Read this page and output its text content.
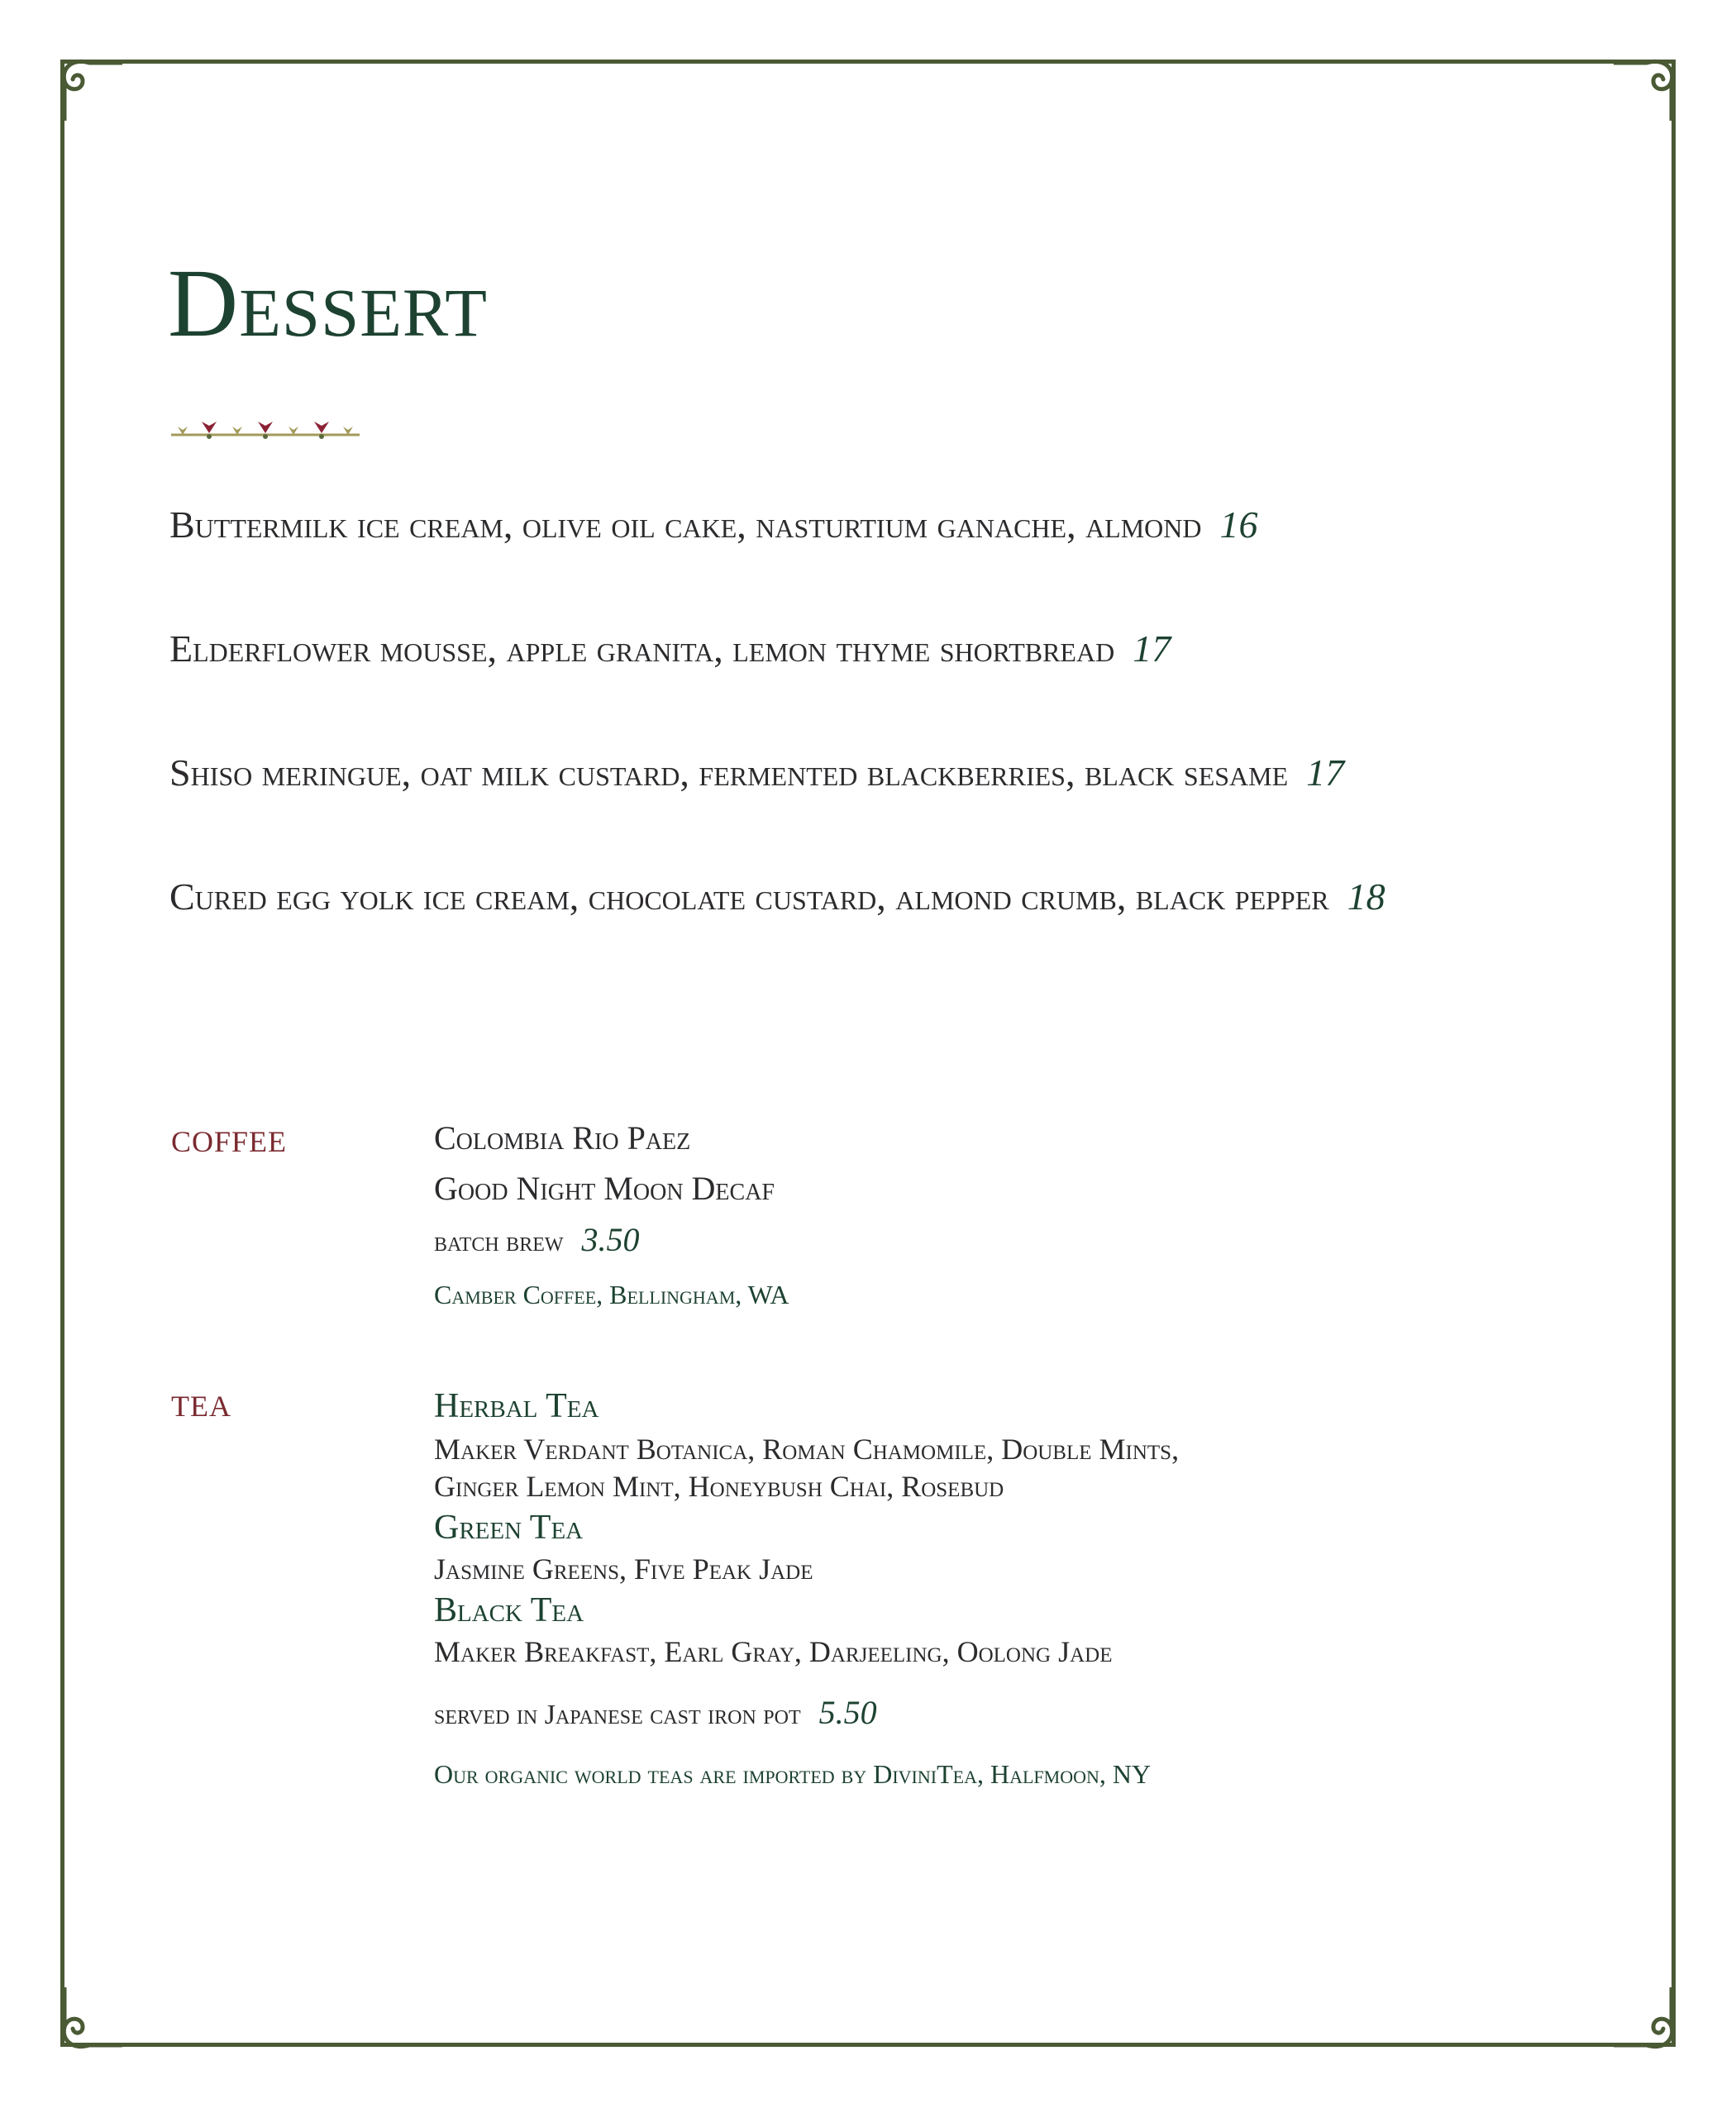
Dessert

Buttermilk ice cream, olive oil cake, nasturtium ganache, almond 16

Elderflower mousse, apple granita, lemon thyme shortbread 17

Shiso meringue, oat milk custard, fermented blackberries, black sesame 17

Cured egg yolk ice cream, chocolate custard, almond crumb, black pepper 18

COFFEE	Colombia Rio Paez

Good Night Moon Decaf

batch brew 3.50

Camber Coffee, Bellingham, WA

TEA	Herbal Tea

Maker Verdant Botanica, Roman Chamomile, Double Mints,

Ginger Lemon Mint, Honeybush Chai, Rosebud

Green Tea

Jasmine Greens, Five Peak Jade

Black Tea

Maker Breakfast, Earl Gray, Darjeeling, Oolong Jade

served in Japanese cast iron pot 5.50

Our organic world teas are imported by DiviniTea, Halfmoon, NY
